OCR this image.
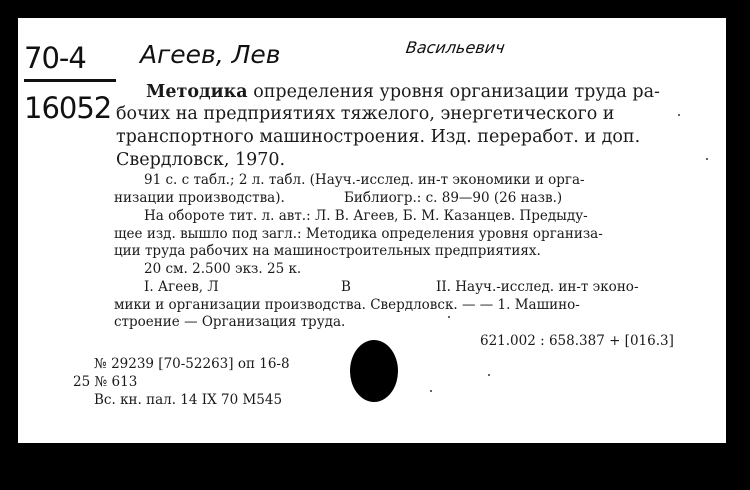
70-4
16052
Агеев, Лев	Васильевич
Методика определения уровня организации труда ра-
бочих на предприятиях тяжелого, энергетического и
транспортного машиностроения. Изд. переработ. и доп.
Свердловск, 1970.
91 с. с табл.; 2 л. табл. (Науч.-исслед. ин-т экономики и орга-
низации производства).	Библиогр.: с. 89—90 (26 назв.)
На обороте тит. л. авт.: Л. В. Агеев, Б. М. Казанцев. Предыду-
щее изд. вышло под загл.: Методика определения уровня организа-
ции труда рабочих на машиностроительных предприятиях.
20 см. 2.500 экз. 25 к.
I. Агеев, Л	В	II. Науч.-исслед. ин-т эконо-
мики и организации производства. Свердловск. — — 1. Машино-
строение — Организация труда.
621.002 : 658.387 + [016.3]
№ 29239 [70-52263] оп 16-8
25 № 613
Вс. кн. пал. 14 IX 70 М545
